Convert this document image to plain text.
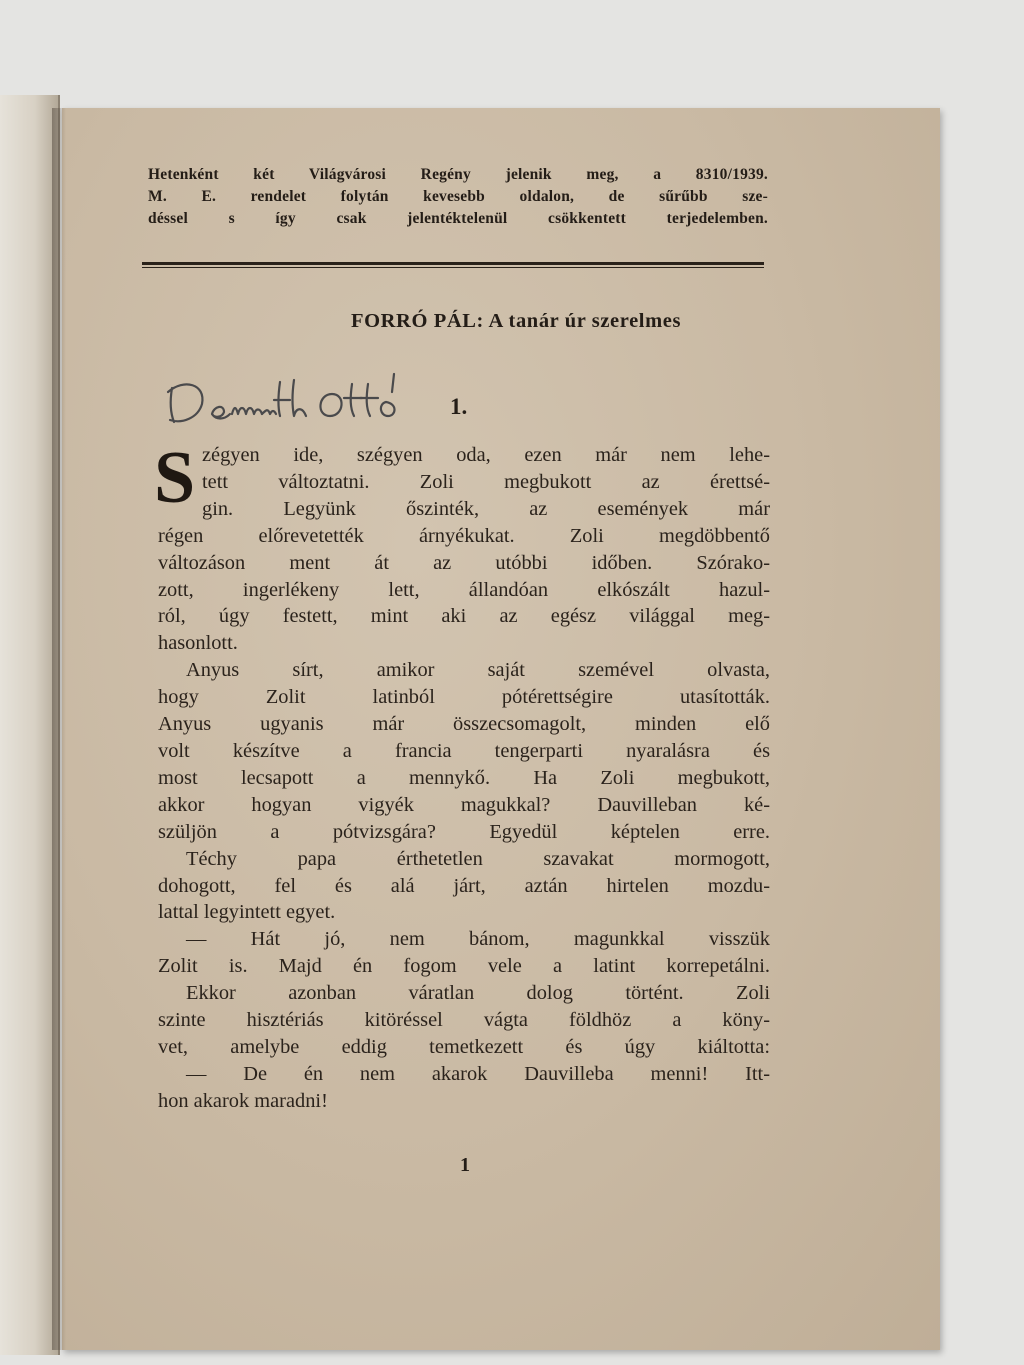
Hetenként két Világvárosi Regény jelenik meg, a 8310/1939.
M. E. rendelet folytán kevesebb oldalon, de sűrűbb sze-
déssel s így csak jelentéktelenül csökkentett terjedelemben.
FORRÓ PÁL: A tanár úr szerelmes
1.
S zégyen ide, szégyen oda, ezen már nem lehe-
tett változtatni. Zoli megbukott az érettsé-
gin. Legyünk őszinték, az események már
régen előrevetették árnyékukat. Zoli megdöbbentő
változáson ment át az utóbbi időben. Szórako-
zott, ingerlékeny lett, állandóan elkószált hazul-
ról, úgy festett, mint aki az egész világgal meg-
hasonlott.
Anyus sírt, amikor saját szemével olvasta,
hogy Zolit latinból pótérettségire utasították.
Anyus ugyanis már összecsomagolt, minden elő
volt készítve a francia tengerparti nyaralásra és
most lecsapott a mennykő. Ha Zoli megbukott,
akkor hogyan vigyék magukkal? Dauvilleban ké-
szüljön a pótvizsgára? Egyedül képtelen erre.
Téchy papa érthetetlen szavakat mormogott,
dohogott, fel és alá járt, aztán hirtelen mozdu-
lattal legyintett egyet.
— Hát jó, nem bánom, magunkkal visszük
Zolit is. Majd én fogom vele a latint korrepetálni.
Ekkor azonban váratlan dolog történt. Zoli
szinte hisztériás kitöréssel vágta földhöz a köny-
vet, amelybe eddig temetkezett és úgy kiáltotta:
— De én nem akarok Dauvilleba menni! Itt-
hon akarok maradni!
1
